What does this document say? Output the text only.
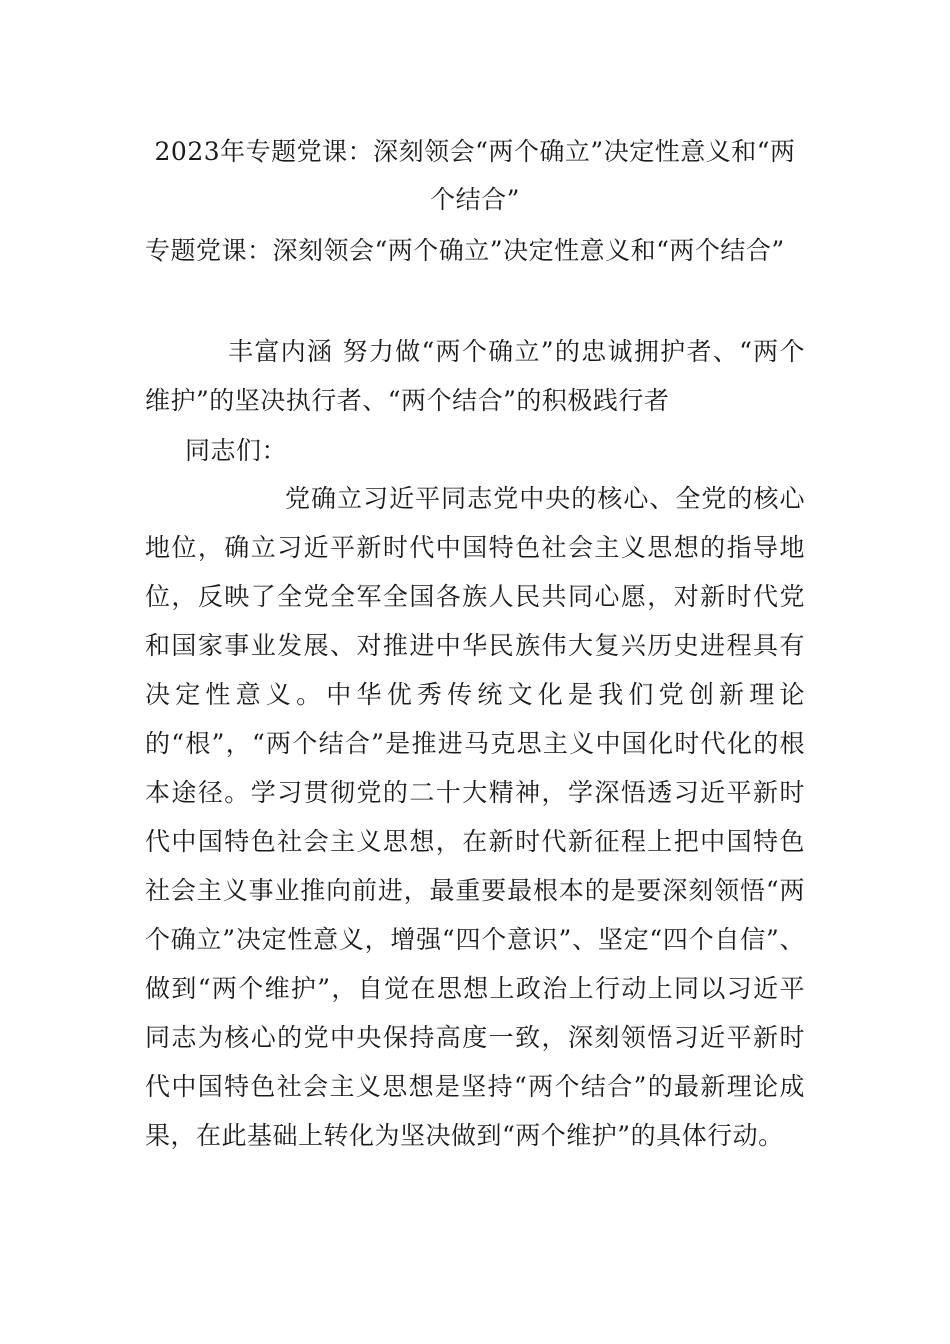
2023年专题党课：深刻领会“两个确立”决定性意义和“两个结合”
专题党课：深刻领会“两个确立”决定性意义和“两个结合”
丰富内涵 努力做“两个确立”的忠诚拥护者、“两个维护”的坚决执行者、“两个结合”的积极践行者
同志们：
党确立习近平同志党中央的核心、全党的核心地位，确立习近平新时代中国特色社会主义思想的指导地位，反映了全党全军全国各族人民共同心愿，对新时代党和国家事业发展、对推进中华民族伟大复兴历史进程具有决定性意义。中华优秀传统文化是我们党创新理论的“根”，“两个结合”是推进马克思主义中国化时代化的根本途径。学习贯彻党的二十大精神，学深悟透习近平新时代中国特色社会主义思想，在新时代新征程上把中国特色社会主义事业推向前进，最重要最根本的是要深刻领悟“两个确立”决定性意义，增强“四个意识”、坚定“四个自信”、做到“两个维护”，自觉在思想上政治上行动上同以习近平同志为核心的党中央保持高度一致，深刻领悟习近平新时代中国特色社会主义思想是坚持“两个结合”的最新理论成果，在此基础上转化为坚决做到“两个维护”的具体行动。
